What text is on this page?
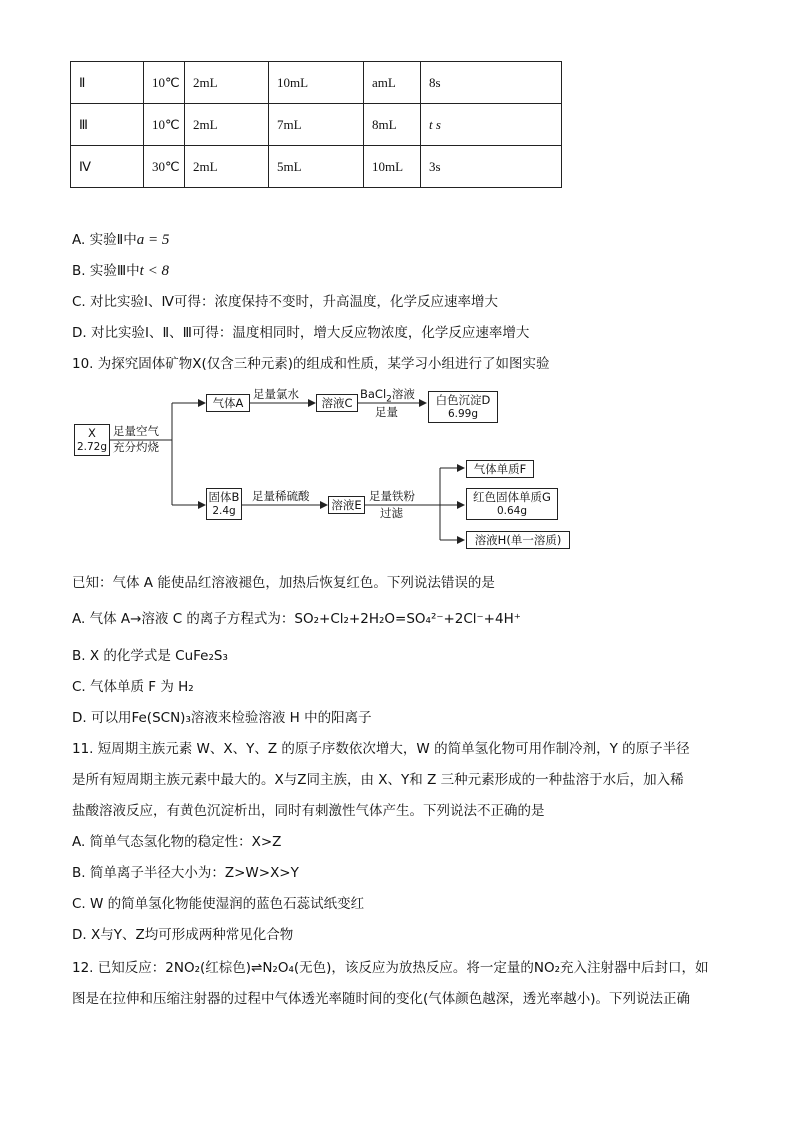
Ⅱ	10℃	2mL	10mL	amL	8s
Ⅲ	10℃	2mL	7mL	8mL	t s
Ⅳ	30℃	2mL	5mL	10mL	3s
A. 实验Ⅱ中a = 5
B. 实验Ⅲ中t < 8
C. 对比实验Ⅰ、Ⅳ可得：浓度保持不变时，升高温度，化学反应速率增大
D. 对比实验Ⅰ、Ⅱ、Ⅲ可得：温度相同时，增大反应物浓度，化学反应速率增大
10. 为探究固体矿物X(仅含三种元素)的组成和性质，某学习小组进行了如图实验
X
2.72g
足量空气
充分灼烧
气体A
足量氯水
溶液C
BaCl$_2$溶液
足量
白色沉淀D
6.99g
固体B
2.4g
足量稀硫酸
溶液E
足量铁粉
过滤
气体单质F
红色固体单质G
0.64g
溶液H(单一溶质)
已知：气体 A 能使品红溶液褪色，加热后恢复红色。下列说法错误的是
A. 气体 A→溶液 C 的离子方程式为：SO₂+Cl₂+2H₂O=SO₄²⁻+2Cl⁻+4H⁺
B. X 的化学式是 CuFe₂S₃
C. 气体单质 F 为 H₂
D. 可以用Fe(SCN)₃溶液来检验溶液 H 中的阳离子
11. 短周期主族元素 W、X、Y、Z 的原子序数依次增大，W 的简单氢化物可用作制冷剂，Y 的原子半径
是所有短周期主族元素中最大的。X与Z同主族，由 X、Y和 Z 三种元素形成的一种盐溶于水后，加入稀
盐酸溶液反应，有黄色沉淀析出，同时有刺激性气体产生。下列说法不正确的是
A. 简单气态氢化物的稳定性：X>Z
B. 简单离子半径大小为：Z>W>X>Y
C. W 的简单氢化物能使湿润的蓝色石蕊试纸变红
D. X与Y、Z均可形成两种常见化合物
12. 已知反应：2NO₂(红棕色)⇌N₂O₄(无色)，该反应为放热反应。将一定量的NO₂充入注射器中后封口，如
图是在拉伸和压缩注射器的过程中气体透光率随时间的变化(气体颜色越深，透光率越小)。下列说法正确
